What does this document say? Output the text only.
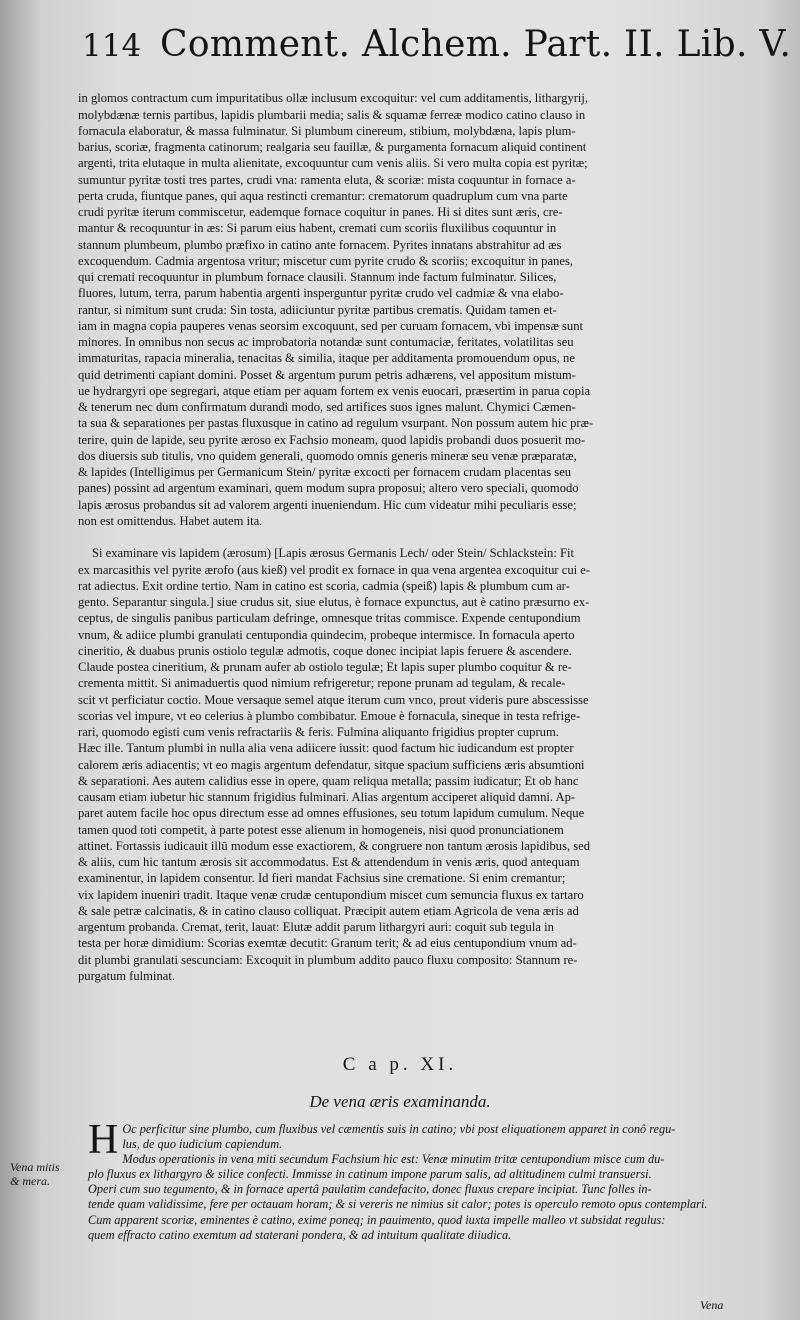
114 Comment. Alchem. Part. II. Lib. V.

in glomos contractum cum impuritatibus ollæ inclusum excoquitur: vel cum additamentis, lithargyrij,
molybdænæ ternis partibus, lapidis plumbarii media; salis & squamæ ferreæ modico catino clauso in
fornacula elaboratur, & massa fulminatur. Si plumbum cinereum, stibium, molybdæna, lapis plum-
barius, scoriæ, fragmenta catinorum; realgaria seu fauillæ, & purgamenta fornacum aliquid continent
argenti, trita elutaque in multa alienitate, excoquuntur cum venis aliis. Si vero multa copia est pyritæ;
sumuntur pyritæ tosti tres partes, crudi vna: ramenta eluta, & scoriæ: mista coquuntur in fornace a-
perta cruda, fiuntque panes, qui aqua restincti cremantur: crematorum quadruplum cum vna parte
crudi pyritæ iterum commiscetur, eademque fornace coquitur in panes. Hi si dites sunt æris, cre-
mantur & recoquuntur in æs: Si parum eius habent, cremati cum scoriis fluxilibus coquuntur in
stannum plumbeum, plumbo præfixo in catino ante fornacem. Pyrites innatans abstrahitur ad æs
excoquendum. Cadmia argentosa vritur; miscetur cum pyrite crudo & scoriis; excoquitur in panes,
qui cremati recoquuntur in plumbum fornace clausili. Stannum inde factum fulminatur. Silices,
fluores, lutum, terra, parum habentia argenti insperguntur pyritæ crudo vel cadmiæ & vna elabo-
rantur, si nimitum sunt cruda: Sin tosta, adiiciuntur pyritæ partibus crematis. Quidam tamen et-
iam in magna copia pauperes venas seorsim excoquunt, sed per curuam fornacem, vbi impensæ sunt
minores. In omnibus non secus ac improbatoria notandæ sunt contumaciæ, feritates, volatilitas seu
immaturitas, rapacia mineralia, tenacitas & similia, itaque per additamenta promouendum opus, ne
quid detrimenti capiant domini. Posset & argentum purum petris adhærens, vel appositum mistum-
ue hydrargyri ope segregari, atque etiam per aquam fortem ex venis euocari, præsertim in parua copia
& tenerum nec dum confirmatum durandi modo, sed artifices suos ignes malunt. Chymici Cæmen-
ta sua & separationes per pastas fluxusque in catino ad regulum vsurpant. Non possum autem hic præ-
terire, quin de lapide, seu pyrite æroso ex Fachsio moneam, quod lapidis probandi duos posuerit mo-
dos diuersis sub titulis, vno quidem generali, quomodo omnis generis mineræ seu venæ præparatæ,
& lapides (Intelligimus per Germanicum Stein/ pyritæ excocti per fornacem crudam placentas seu
panes) possint ad argentum examinari, quem modum supra proposui; altero vero speciali, quomodo
lapis ærosus probandus sit ad valorem argenti inueniendum. Hic cum videatur mihi peculiaris esse;
non est omittendus. Habet autem ita.

Si examinare vis lapidem (ærosum) [Lapis ærosus Germanis Lech/ oder Stein/ Schlackstein: Fit
ex marcasithis vel pyrite ærofo (aus kieß) vel prodit ex fornace in qua vena argentea excoquitur cui e-
rat adiectus. Exit ordine tertio. Nam in catino est scoria, cadmia (speiß) lapis & plumbum cum ar-
gento. Separantur singula.] siue crudus sit, siue elutus, è fornace expunctus, aut è catino præsurno ex-
ceptus, de singulis panibus particulam defringe, omnesque tritas commisce. Expende centupondium
vnum, & adiice plumbi granulati centupondia quindecim, probeque intermisce. In fornacula aperto
cineritio, & duabus prunis ostiolo tegulæ admotis, coque donec incipiat lapis feruere & ascendere.
Claude postea cineritium, & prunam aufer ab ostiolo tegulæ; Et lapis super plumbo coquitur & re-
crementa mittit. Si animaduertis quod nimium refrigeretur; repone prunam ad tegulam, & recale-
scit vt perficiatur coctio. Moue versaque semel atque iterum cum vnco, prout videris pure abscessisse
scorias vel impure, vt eo celerius à plumbo combibatur. Emoue è fornacula, sineque in testa refrige-
rari, quomodo egisti cum venis refractariis & feris. Fulmina aliquanto frigidius propter cuprum.
Hæc ille. Tantum plumbi in nulla alia vena adiicere iussit: quod factum hic iudicandum est propter
calorem æris adiacentis; vt eo magis argentum defendatur, sitque spacium sufficiens æris absumtioni
& separationi. Aes autem calidius esse in opere, quam reliqua metalla; passim iudicatur; Et ob hanc
causam etiam iubetur hic stannum frigidius fulminari. Alias argentum acciperet aliquid damni. Ap-
paret autem facile hoc opus directum esse ad omnes effusiones, seu totum lapidum cumulum. Neque
tamen quod toti competit, à parte potest esse alienum in homogeneis, nisi quod pronunciationem
attinet. Fortassis iudicauit illū modum esse exactiorem, & congruere non tantum ærosis lapidibus, sed
& aliis, cum hic tantum ærosis sit accommodatus. Est & attendendum in venis æris, quod antequam
examinentur, in lapidem consentur. Id fieri mandat Fachsius sine crematione. Si enim cremantur;
vix lapidem inueniri tradit. Itaque venæ crudæ centupondium miscet cum semuncia fluxus ex tartaro
& sale petræ calcinatis, & in catino clauso colliquat. Præcipit autem etiam Agricola de vena æris ad
argentum probanda. Cremat, terit, lauat: Elutæ addit parum lithargyri auri: coquit sub tegula in
testa per horæ dimidium: Scorias exemtæ decutit: Granum terit; & ad eius centupondium vnum ad-
dit plumbi granulati sescunciam: Excoquit in plumbum addito pauco fluxu composito: Stannum re-
purgatum fulminat.

C a p. XI.
De vena æris examinanda.
Vena mitis
& mera.
H Oc perficitur sine plumbo, cum fluxibus vel cæmentis suis in catino; vbi post eliquationem apparet in conô regu-
lus, de quo iudicium capiendum.
Modus operationis in vena miti secundum Fachsium hic est: Venæ minutim tritæ centupondium misce cum du-
plo fluxus ex lithargyro & silice confecti. Immisse in catinum impone parum salis, ad altitudinem culmi transuersi.
Operi cum suo tegumento, & in fornace apertâ paulatim candefacito, donec fluxus crepare incipiat. Tunc folles in-
tende quam validissime, fere per octauam horam; & si vereris ne nimius sit calor; potes is operculo remoto opus contemplari.
Cum apparent scoriæ, eminentes è catino, exime poneq; in pauimento, quod iuxta impelle malleo vt subsidat regulus:
quem effracto catino exemtum ad staterani pondera, & ad intuitum qualitate diiudica.
Vena
